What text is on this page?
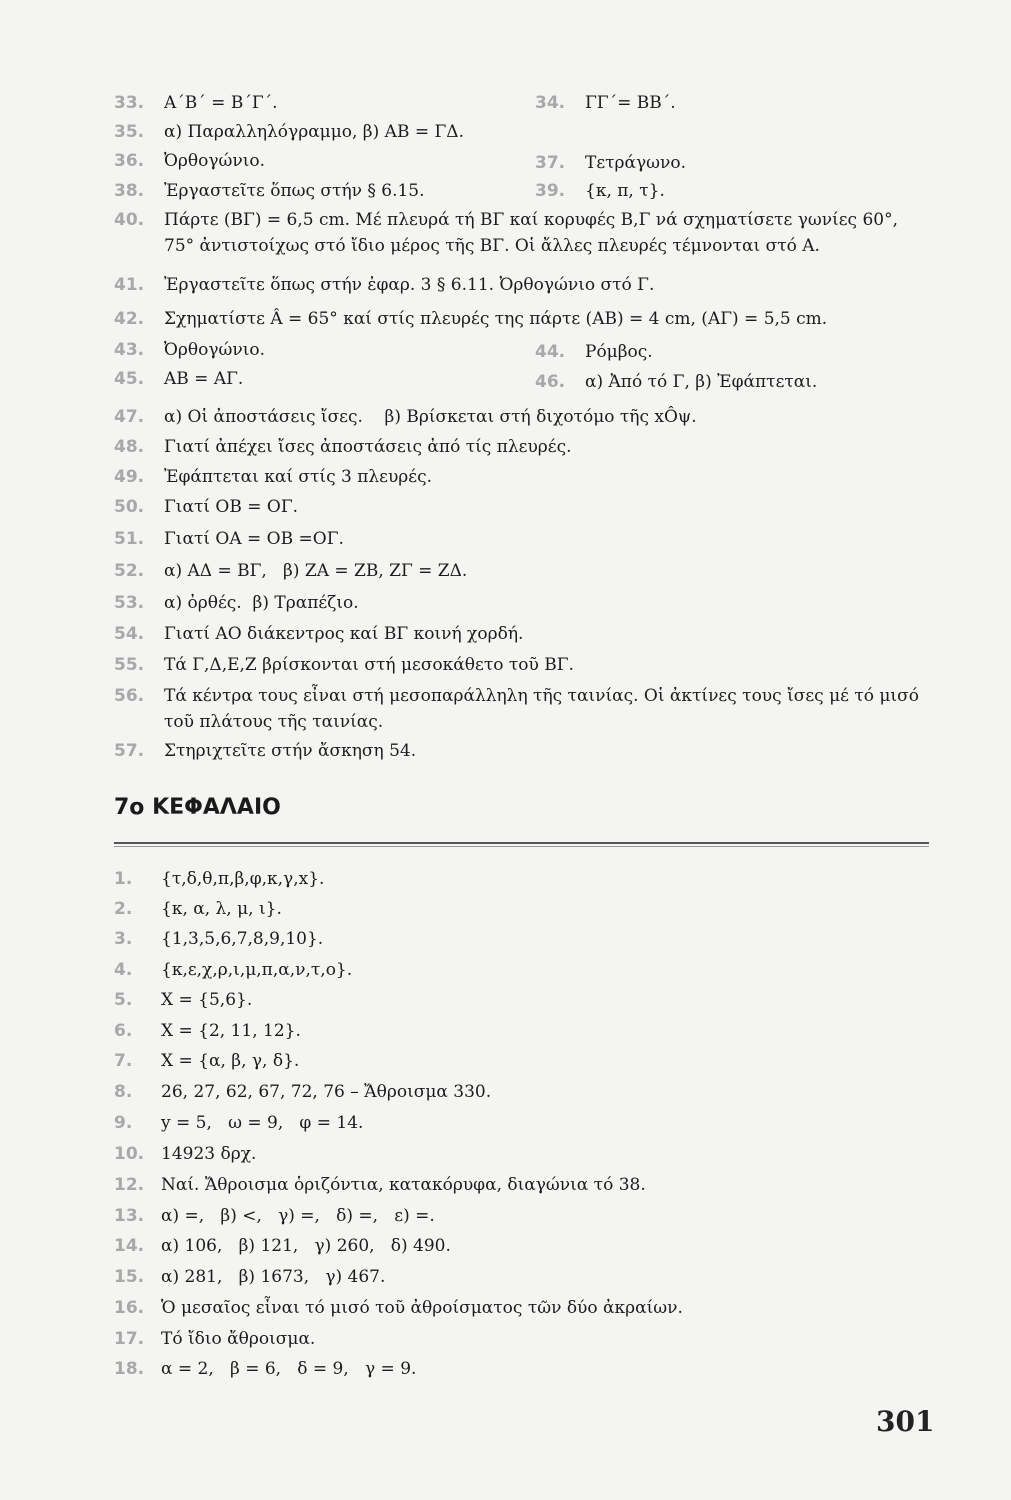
33. A΄B΄ = B΄Γ΄.	34. ΓΓ΄= BB΄.
35. α) Παραλληλόγραμμο, β) AB = ΓΔ.
36. Ὀρθογώνιο.	37. Τετράγωνο.
38. Ἐργαστεῖτε ὅπως στήν § 6.15.	39. {κ, π, τ}.
40. Πάρτε (BΓ) = 6,5 cm. Μέ πλευρά τή BΓ καί κορυφές B,Γ νά σχηματίσετε γωνίες 60°, 75° ἀντιστοίχως στό ἴδιο μέρος τῆς BΓ. Οἱ ἄλλες πλευρές τέμνονται στό A.
41. Ἐργαστεῖτε ὅπως στήν ἐφαρ. 3 § 6.11. Ὀρθογώνιο στό Γ.
42. Σχηματίστε Â = 65° καί στίς πλευρές της πάρτε (AB) = 4 cm, (AΓ) = 5,5 cm.
43. Ὀρθογώνιο.	44. Ρόμβος.
45. AB = AΓ.	46. α) Ἀπό τό Γ, β) Ἐφάπτεται.
47. α) Οἱ ἀποστάσεις ἴσες.    β) Βρίσκεται στή διχοτόμο τῆς xÔψ.
48. Γιατί ἀπέχει ἴσες ἀποστάσεις ἀπό τίς πλευρές.
49. Ἐφάπτεται καί στίς 3 πλευρές.
50. Γιατί OB = OΓ.
51. Γιατί OA = OB =OΓ.
52. α) AΔ = BΓ,   β) ZA = ZB, ZΓ = ZΔ.
53. α) ὀρθές.  β) Τραπέζιο.
54. Γιατί AO διάκεντρος καί BΓ κοινή χορδή.
55. Τά Γ,Δ,E,Z βρίσκονται στή μεσοκάθετο τοῦ BΓ.
56. Τά κέντρα τους εἶναι στή μεσοπαράλληλη τῆς ταινίας. Οἱ ἀκτίνες τους ἴσες μέ τό μισό τοῦ πλάτους τῆς ταινίας.
57. Στηριχτεῖτε στήν ἄσκηση 54.
7ο ΚΕΦΑΛΑΙΟ
1. {τ,δ,θ,π,β,φ,κ,γ,x}.
2. {κ, α, λ, μ, ι}.
3. {1,3,5,6,7,8,9,10}.
4. {κ,ε,χ,ρ,ι,μ,π,α,ν,τ,ο}.
5. X = {5,6}.
6. X = {2, 11, 12}.
7. X = {α, β, γ, δ}.
8. 26, 27, 62, 67, 72, 76 – Ἄθροισμα 330.
9. y = 5,   ω = 9,   φ = 14.
10. 14923 δρχ.
12. Ναί. Ἄθροισμα ὁριζόντια, κατακόρυφα, διαγώνια τό 38.
13. α) =,   β) <,   γ) =,   δ) =,   ε) =.
14. α) 106,   β) 121,   γ) 260,   δ) 490.
15. α) 281,   β) 1673,   γ) 467.
16. Ὁ μεσαῖος εἶναι τό μισό τοῦ ἀθροίσματος τῶν δύο ἀκραίων.
17. Τό ἴδιο ἄθροισμα.
18. α = 2,   β = 6,   δ = 9,   γ = 9.
301
